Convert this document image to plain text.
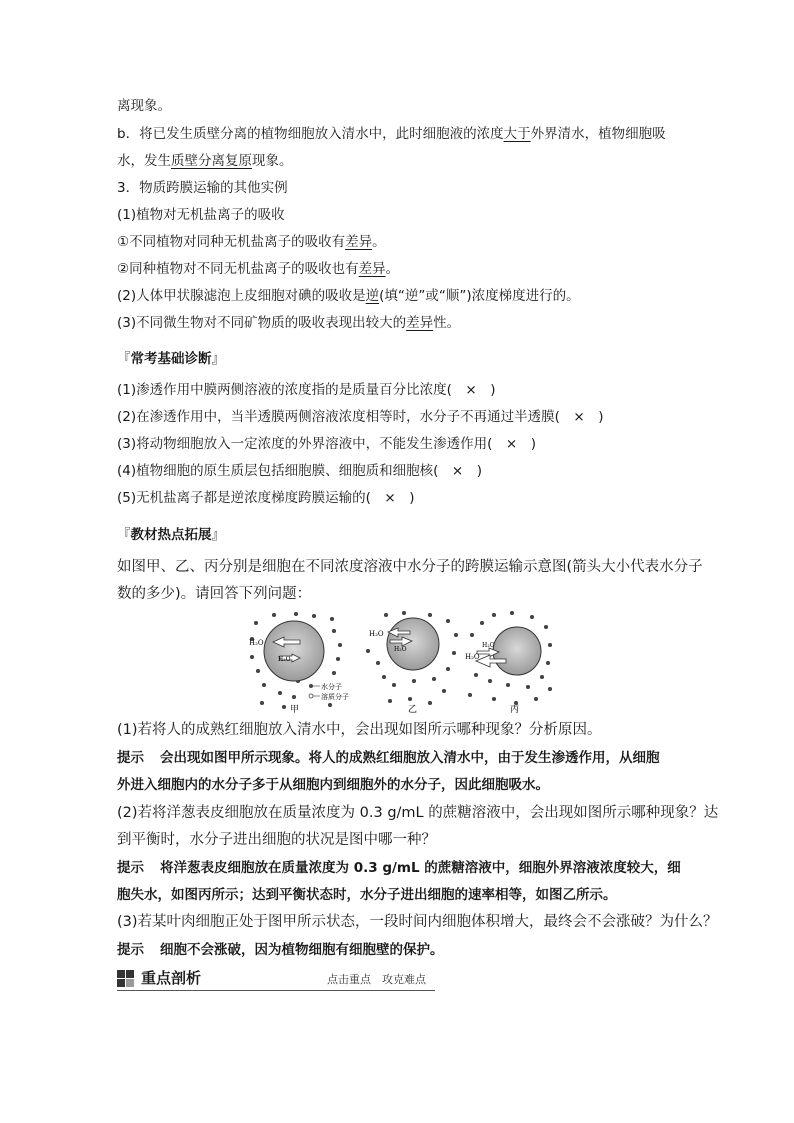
离现象。
b．将已发生质壁分离的植物细胞放入清水中，此时细胞液的浓度大于外界清水，植物细胞吸
水，发生质壁分离复原现象。
3．物质跨膜运输的其他实例
(1)植物对无机盐离子的吸收
①不同植物对同种无机盐离子的吸收有差异。
②同种植物对不同无机盐离子的吸收也有差异。
(2)人体甲状腺滤泡上皮细胞对碘的吸收是逆(填“逆”或“顺”)浓度梯度进行的。
(3)不同微生物对不同矿物质的吸收表现出较大的差异性。
『常考基础诊断』
(1)渗透作用中膜两侧溶液的浓度指的是质量百分比浓度(　×　)
(2)在渗透作用中，当半透膜两侧溶液浓度相等时，水分子不再通过半透膜(　×　)
(3)将动物细胞放入一定浓度的外界溶液中，不能发生渗透作用(　×　)
(4)植物细胞的原生质层包括细胞膜、细胞质和细胞核(　×　)
(5)无机盐离子都是逆浓度梯度跨膜运输的(　×　)
『教材热点拓展』
如图甲、乙、丙分别是细胞在不同浓度溶液中水分子的跨膜运输示意图(箭头大小代表水分子
数的多少)。请回答下列问题：
H₂O
H₂O
水分子
溶质分子
甲
H₂O
H₂O
乙
H₂O
H₂O
丙
(1)若将人的成熟红细胞放入清水中，会出现如图所示哪种现象？分析原因。
提示 会出现如图甲所示现象。将人的成熟红细胞放入清水中，由于发生渗透作用，从细胞
外进入细胞内的水分子多于从细胞内到细胞外的水分子，因此细胞吸水。
(2)若将洋葱表皮细胞放在质量浓度为 0.3 g/mL 的蔗糖溶液中，会出现如图所示哪种现象？达
到平衡时，水分子进出细胞的状况是图中哪一种？
提示 将洋葱表皮细胞放在质量浓度为 0.3 g/mL 的蔗糖溶液中，细胞外界溶液浓度较大，细
胞失水，如图丙所示；达到平衡状态时，水分子进出细胞的速率相等，如图乙所示。
(3)若某叶肉细胞正处于图甲所示状态，一段时间内细胞体积增大，最终会不会涨破？为什么？
提示 细胞不会涨破，因为植物细胞有细胞壁的保护。
重点剖析	点击重点　攻克难点
